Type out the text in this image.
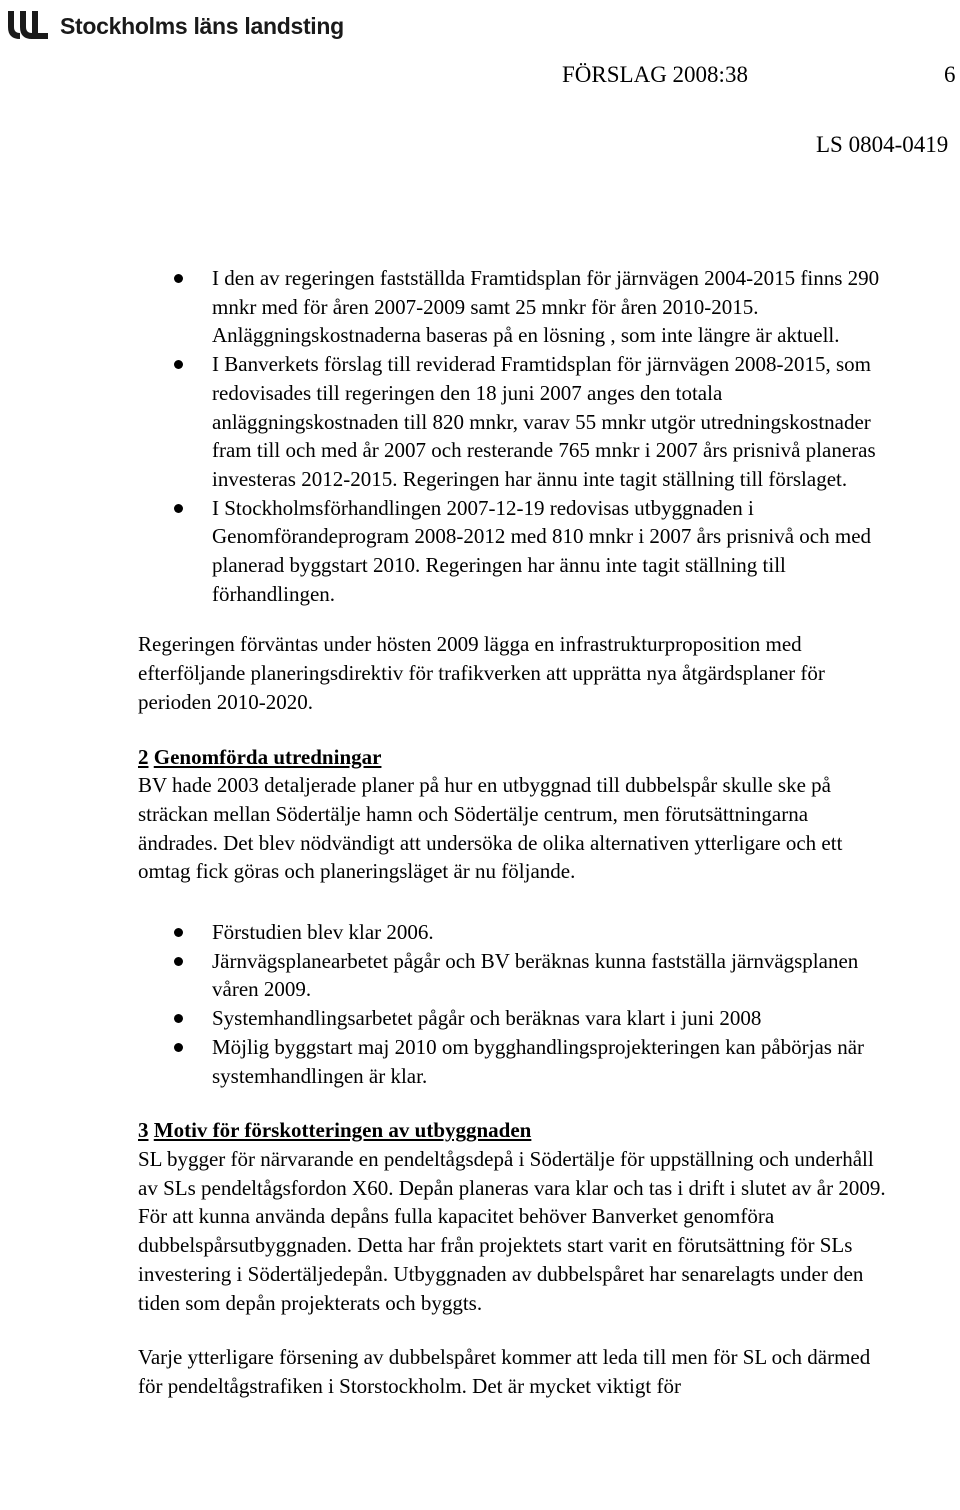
Stockholms läns landsting
FÖRSLAG 2008:38	6
LS 0804-0419
I den av regeringen fastställda Framtidsplan för järnvägen 2004-2015 finns 290 mnkr med för åren 2007-2009 samt 25 mnkr för åren 2010-2015. Anläggningskostnaderna baseras på en lösning , som inte längre är aktuell.
I Banverkets förslag till reviderad Framtidsplan för järnvägen 2008-2015, som redovisades till regeringen den 18 juni 2007 anges den totala anläggningskostnaden till 820 mnkr, varav 55 mnkr utgör utredningskostnader fram till och med år 2007 och resterande 765 mnkr i 2007 års prisnivå planeras investeras 2012-2015. Regeringen har ännu inte tagit ställning till förslaget.
I Stockholmsförhandlingen 2007-12-19 redovisas utbyggnaden i Genomförandeprogram 2008-2012 med 810 mnkr i 2007 års prisnivå och med planerad byggstart 2010. Regeringen har ännu inte tagit ställning till förhandlingen.

Regeringen förväntas under hösten 2009 lägga en infrastrukturproposition med efterföljande planeringsdirektiv för trafikverken att upprätta nya åtgärdsplaner för perioden 2010-2020.

2 Genomförda utredningar

BV hade 2003 detaljerade planer på hur en utbyggnad till dubbelspår skulle ske på sträckan mellan Södertälje hamn och Södertälje centrum, men förutsättningarna ändrades. Det blev nödvändigt att undersöka de olika alternativen ytterligare och ett omtag fick göras och planeringsläget är nu följande.

Förstudien blev klar 2006.
Järnvägsplanearbetet pågår och BV beräknas kunna fastställa järnvägsplanen våren 2009.
Systemhandlingsarbetet pågår och beräknas vara klart i juni 2008
Möjlig byggstart maj 2010 om bygghandlingsprojekteringen kan påbörjas när systemhandlingen är klar.
3 Motiv för förskotteringen av utbyggnaden

SL bygger för närvarande en pendeltågsdepå i Södertälje för uppställning och underhåll av SLs pendeltågsfordon X60. Depån planeras vara klar och tas i drift i slutet av år 2009. För att kunna använda depåns fulla kapacitet behöver Banverket genomföra dubbelspårsutbyggnaden. Detta har från projektets start varit en förutsättning för SLs investering i Södertäljedepån. Utbyggnaden av dubbelspåret har senarelagts under den tiden som depån projekterats och byggts.

Varje ytterligare försening av dubbelspåret kommer att leda till men för SL och därmed för pendeltågstrafiken i Storstockholm. Det är mycket viktigt för
